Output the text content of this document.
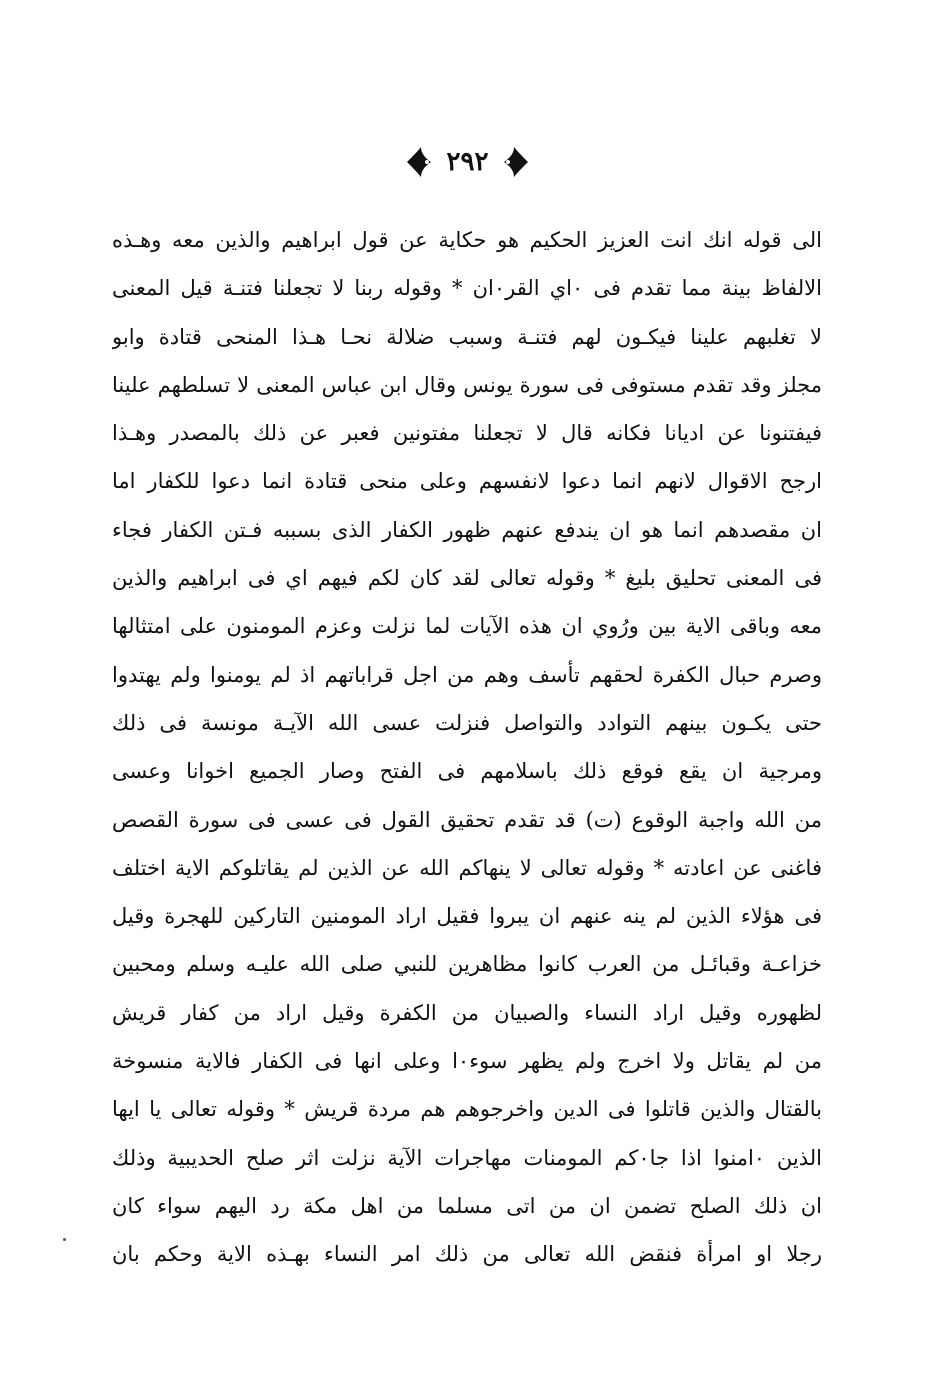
٢٩٢
الى قوله انك انت العزيز الحكيم هو حكاية عن قول ابراهيم والذين معه وهـذه
الالفاظ بينة مما تقدم فى ٠اي القر٠ان * وقوله ربنا لا تجعلنا فتنـة قيل المعنى
لا تغلبهم علينا فيكـون لهم فتنـة وسبب ضلالة نحـا هـذا المنحى قتادة وابو
مجلز وقد تقدم مستوفى فى سورة يونس وقال ابن عباس المعنى لا تسلطهم علينا
فيفتنونا عن اديانا فكانه قال لا تجعلنا مفتونين فعبر عن ذلك بالمصدر وهـذا
ارجح الاقوال لانهم انما دعوا لانفسهم وعلى منحى قتادة انما دعوا للكفار اما
ان مقصدهم انما هو ان يندفع عنهم ظهور الكفار الذى بسببه فـتن الكفار فجاء
فى المعنى تحليق بليغ * وقوله تعالى لقد كان لكم فيهم اي فى ابراهيم والذين
معه وباقى الاية بين ورُوي ان هذه الآيات لما نزلت وعزم المومنون على امتثالها
وصرم حبال الكفرة لحقهم تأسف وهم من اجل قراباتهم اذ لم يومنوا ولم يهتدوا
حتى يكـون بينهم التوادد والتواصل فنزلت عسى الله الآيـة مونسة فى ذلك
ومرجية ان يقع فوقع ذلك باسلامهم فى الفتح وصار الجميع اخوانا وعسى
من الله واجبة الوقوع (ت) قد تقدم تحقيق القول فى عسى فى سورة القصص
فاغنى عن اعادته * وقوله تعالى لا ينهاكم الله عن الذين لم يقاتلوكم الاية اختلف
فى هؤلاء الذين لم ينه عنهم ان يبروا فقيل اراد المومنين التاركين للهجرة وقيل
خزاعـة وقبائـل من العرب كانوا مظاهرين للنبي صلى الله عليـه وسلم ومحبين
لظهوره وقيل اراد النساء والصبيان من الكفرة وقيل اراد من كفار قريش
من لم يقاتل ولا اخرج ولم يظهر سوء٠ا وعلى انها فى الكفار فالاية منسوخة
بالقتال والذين قاتلوا فى الدين واخرجوهم هم مردة قريش * وقوله تعالى يا ايها
الذين ٠امنوا اذا جا٠كم المومنات مهاجرات الآية نزلت اثر صلح الحديبية وذلك
ان ذلك الصلح تضمن ان من اتى مسلما من اهل مكة رد اليهم سواء كان
رجلا او امرأة فنقض الله تعالى من ذلك امر النساء بهـذه الاية وحكم بان
